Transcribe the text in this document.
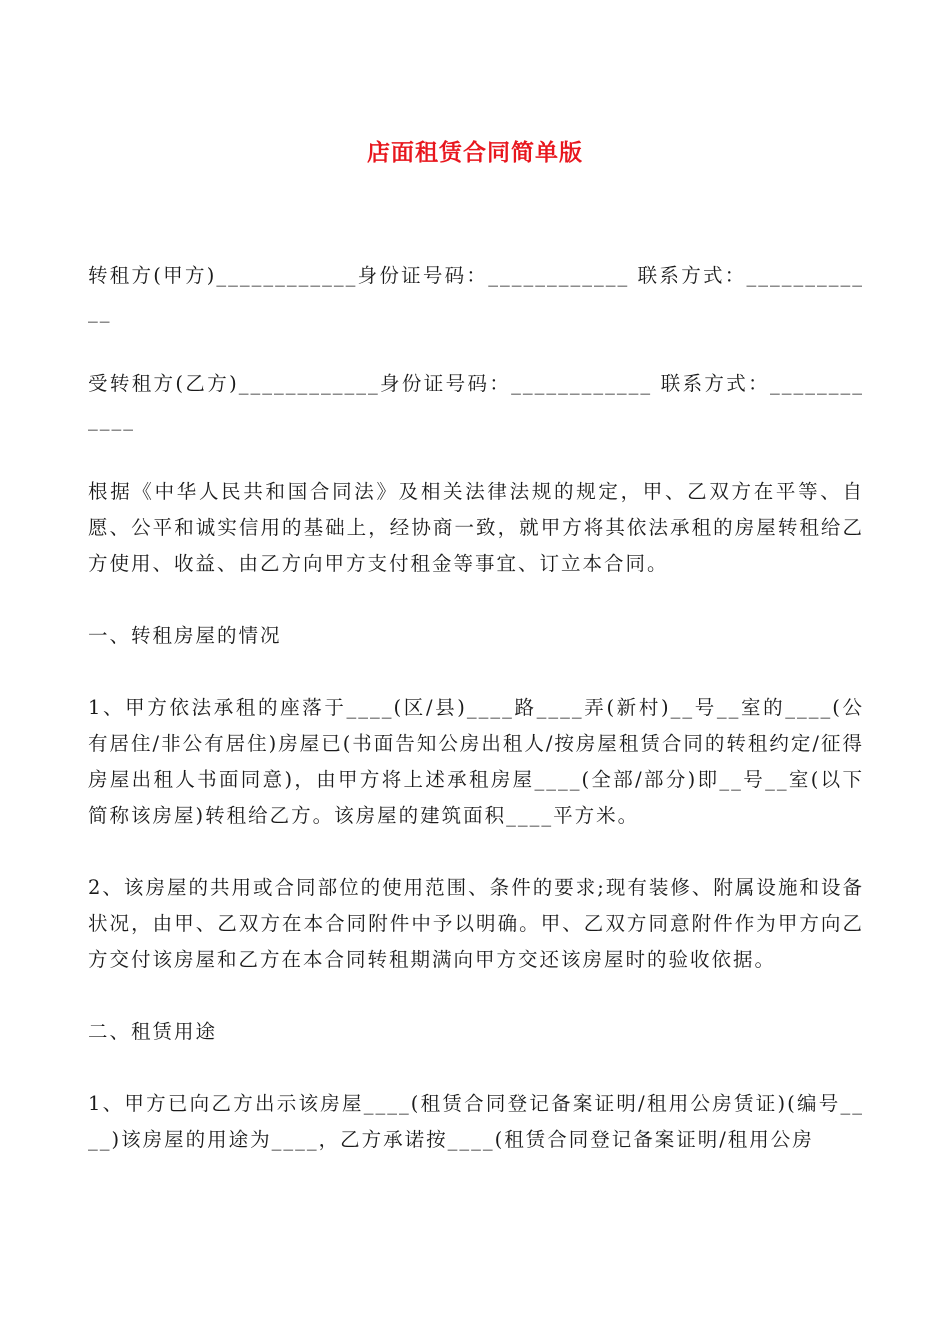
店面租赁合同简单版

转租方(甲方)____________身份证号码：____________ 联系方式：____________

受转租方(乙方)____________身份证号码：____________ 联系方式：____________

根据《中华人民共和国合同法》及相关法律法规的规定，甲、乙双方在平等、自愿、公平和诚实信用的基础上，经协商一致，就甲方将其依法承租的房屋转租给乙方使用、收益、由乙方向甲方支付租金等事宜、订立本合同。

一、转租房屋的情况

1、甲方依法承租的座落于____(区/县)____路____弄(新村)__号__室的____(公有居住/非公有居住)房屋已(书面告知公房出租人/按房屋租赁合同的转租约定/征得房屋出租人书面同意)，由甲方将上述承租房屋____(全部/部分)即__号__室(以下简称该房屋)转租给乙方。该房屋的建筑面积____平方米。

2、该房屋的共用或合同部位的使用范围、条件的要求;现有装修、附属设施和设备状况，由甲、乙双方在本合同附件中予以明确。甲、乙双方同意附件作为甲方向乙方交付该房屋和乙方在本合同转租期满向甲方交还该房屋时的验收依据。

二、租赁用途

1、甲方已向乙方出示该房屋____(租赁合同登记备案证明/租用公房赁证)(编号____)该房屋的用途为____，乙方承诺按____(租赁合同登记备案证明/租用公房
